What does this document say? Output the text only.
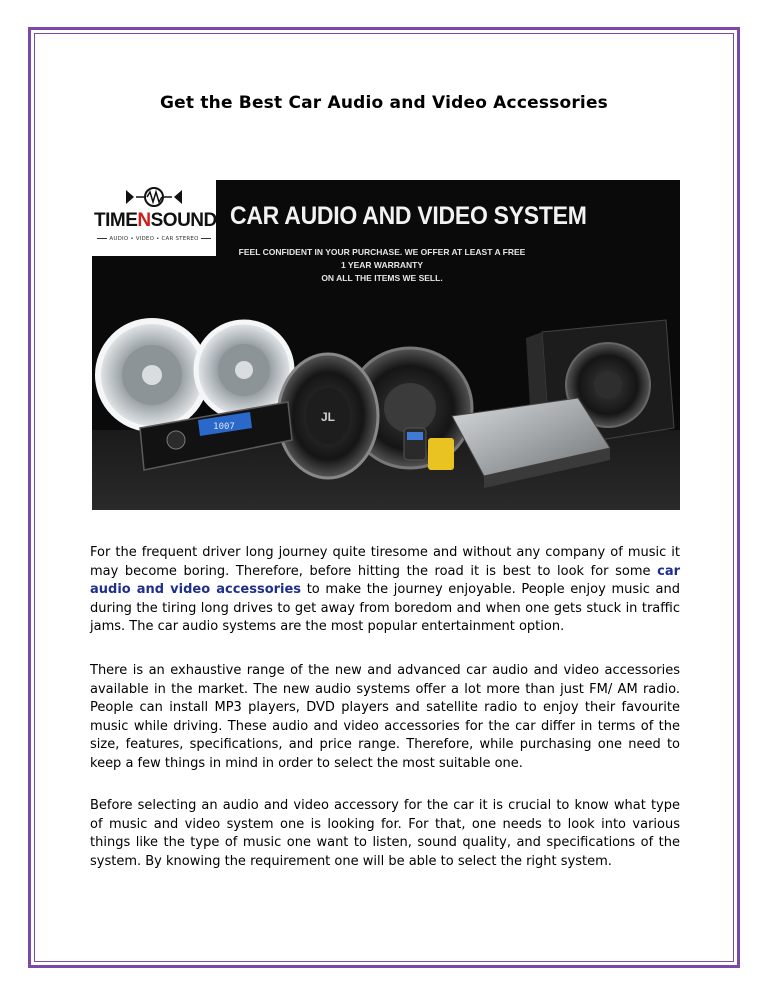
Get the Best Car Audio and Video Accessories
JL
1007
TIMENSOUND
AUDIO • VIDEO • CAR STEREO
CAR AUDIO AND VIDEO SYSTEM
FEEL CONFIDENT IN YOUR PURCHASE. WE OFFER AT LEAST A FREE 1 YEAR WARRANTY
ON ALL THE ITEMS WE SELL.
For the frequent driver long journey quite tiresome and without any company of music it may become boring. Therefore, before hitting the road it is best to look for some car audio and video accessories to make the journey enjoyable. People enjoy music and during the tiring long drives to get away from boredom and when one gets stuck in traffic jams. The car audio systems are the most popular entertainment option.
There is an exhaustive range of the new and advanced car audio and video accessories available in the market. The new audio systems offer a lot more than just FM/ AM radio. People can install MP3 players, DVD players and satellite radio to enjoy their favourite music while driving. These audio and video accessories for the car differ in terms of the size, features, specifications, and price range. Therefore, while purchasing one need to keep a few things in mind in order to select the most suitable one.
Before selecting an audio and video accessory for the car it is crucial to know what type of music and video system one is looking for. For that, one needs to look into various things like the type of music one want to listen, sound quality, and specifications of the system. By knowing the requirement one will be able to select the right system.
